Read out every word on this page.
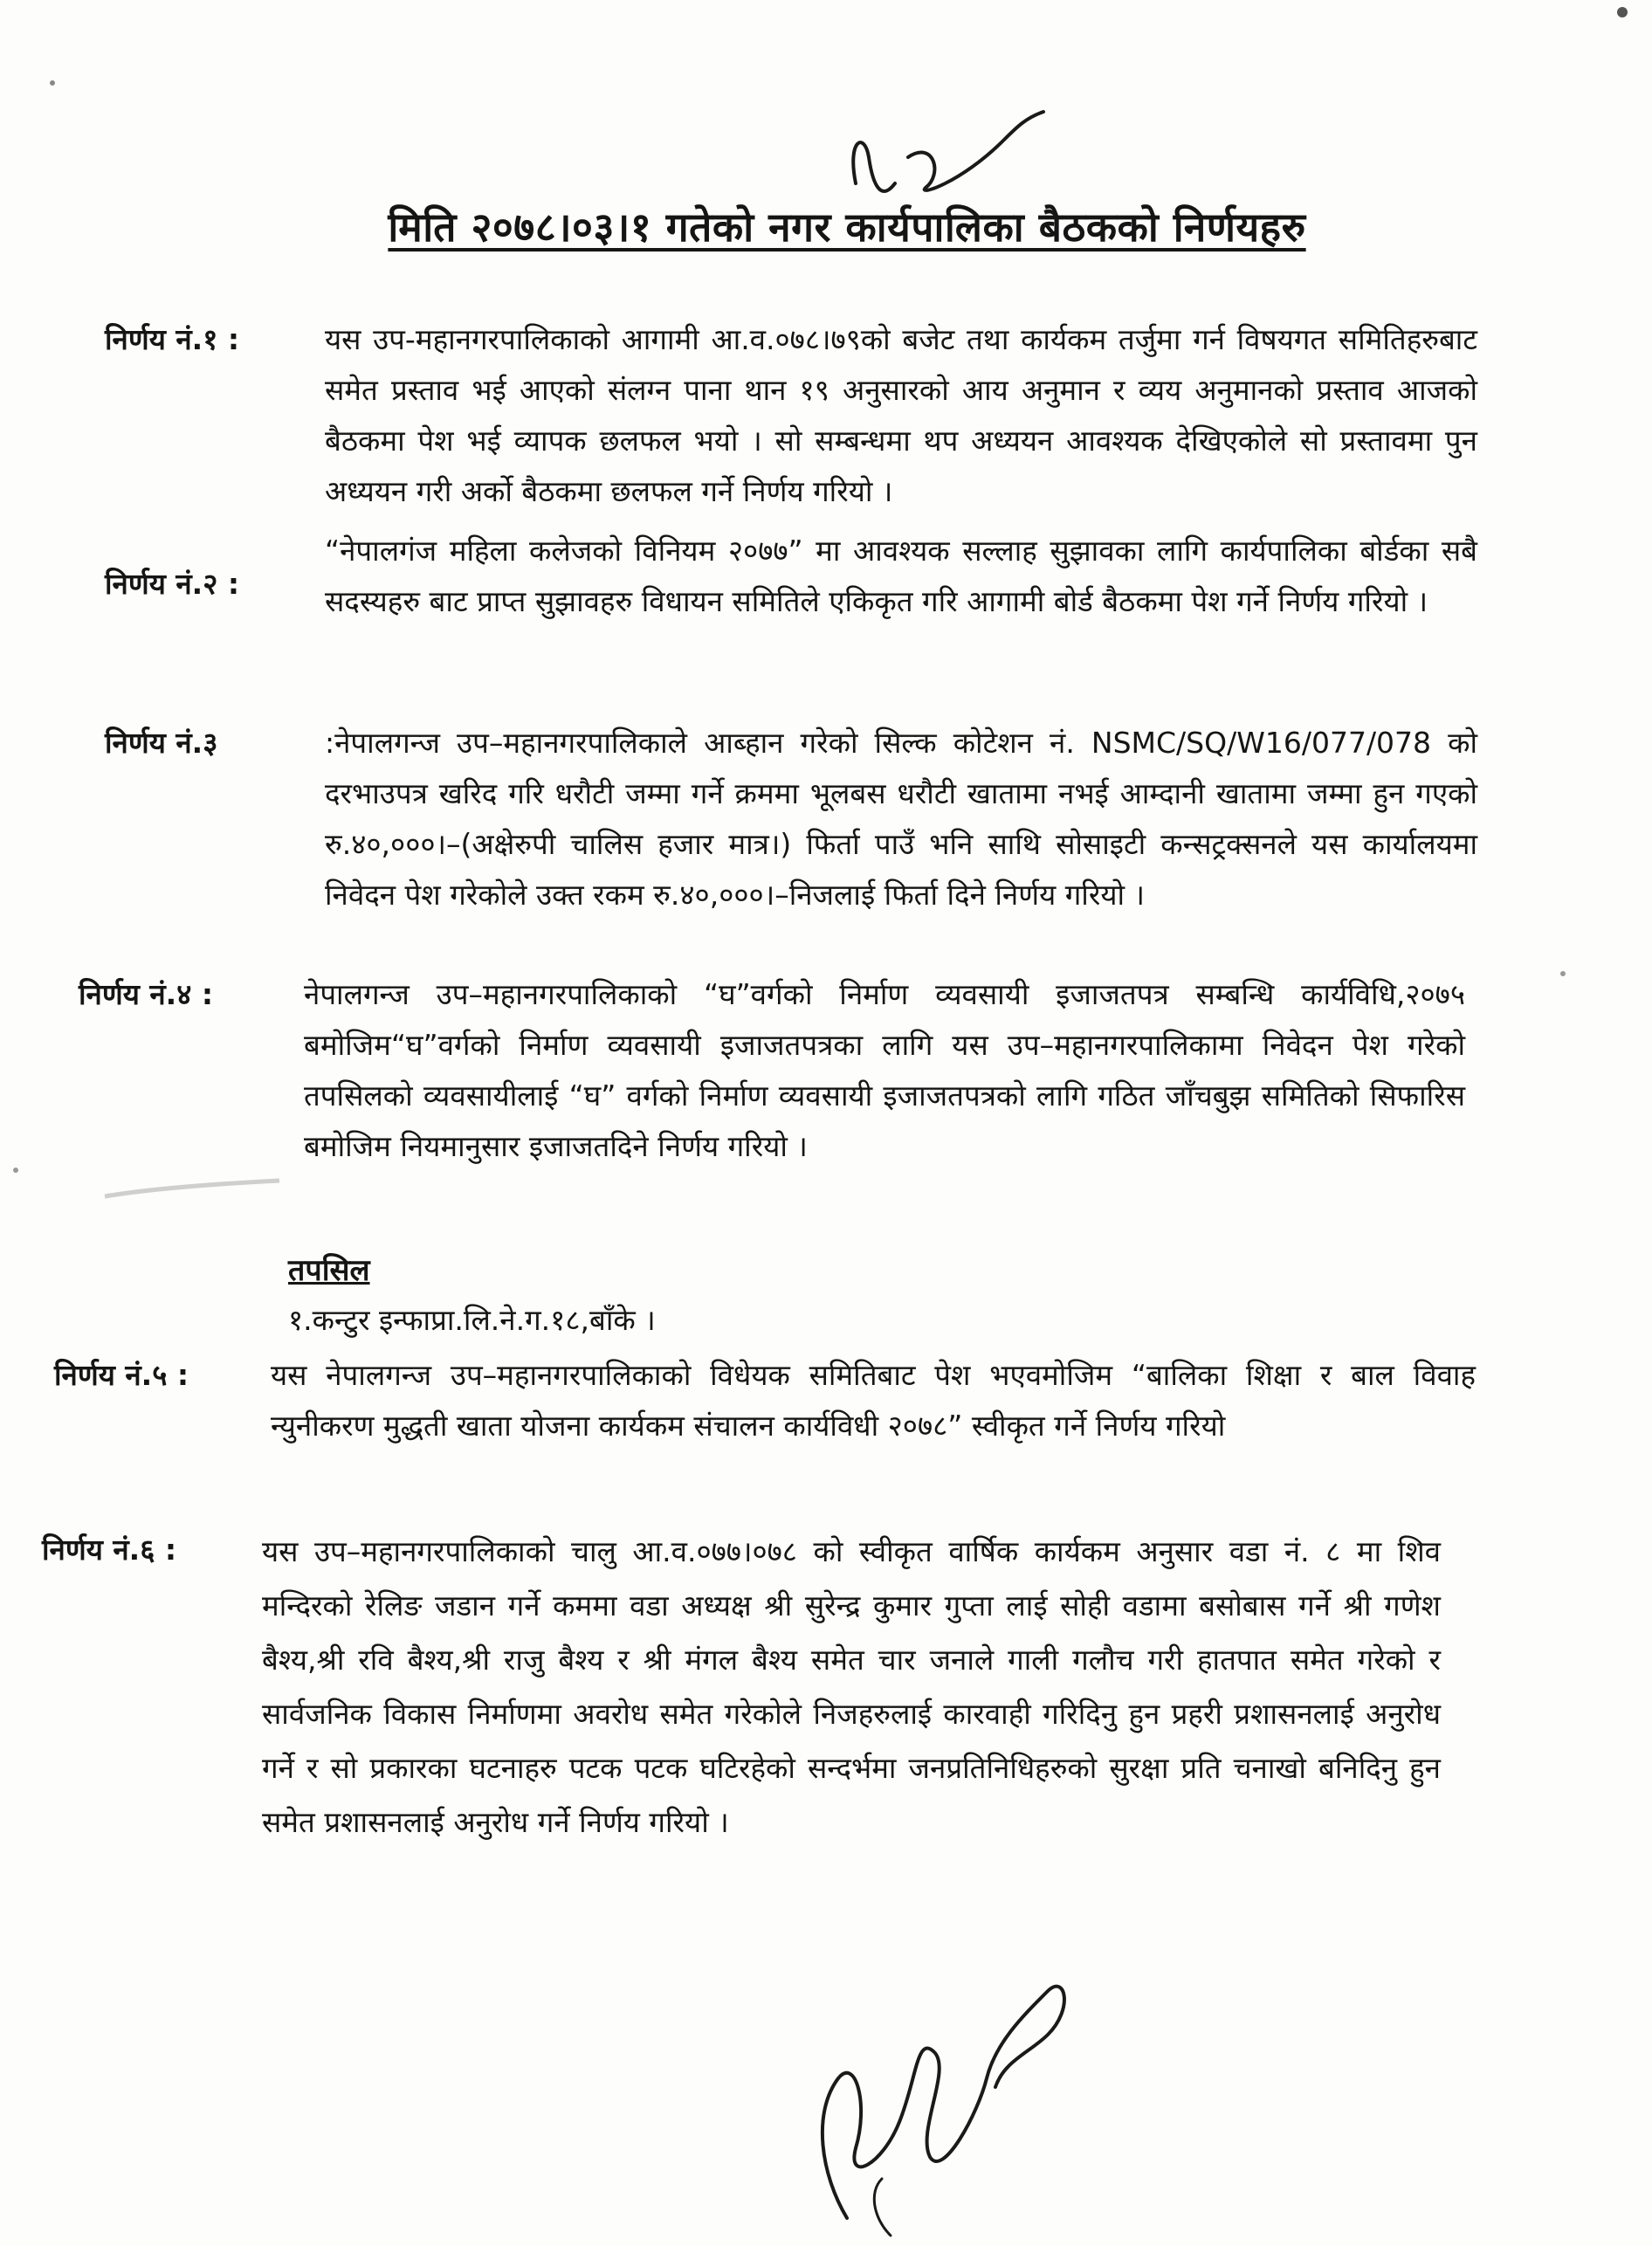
मिति २०७८।०३।१ गतेको नगर कार्यपालिका बैठकको निर्णयहरु
निर्णय नं.१ :	यस उप-महानगरपालिकाको आगामी आ.व.०७८।७९को बजेट तथा कार्यकम तर्जुमा गर्न विषयगत समितिहरुबाट समेत प्रस्ताव भई आएको संलग्न पाना थान १९ अनुसारको आय अनुमान र व्यय अनुमानको प्रस्ताव आजको बैठकमा पेश भई व्यापक छलफल भयो । सो सम्बन्धमा थप अध्ययन आवश्यक देखिएकोले सो प्रस्तावमा पुन अध्ययन गरी अर्को बैठकमा छलफल गर्ने निर्णय गरियो ।
निर्णय नं.२ :
“नेपालगंज महिला कलेजको विनियम २०७७” मा आवश्यक सल्लाह सुझावका लागि कार्यपालिका बोर्डका सबै सदस्यहरु बाट प्राप्त सुझावहरु विधायन समितिले एकिकृत गरि आगामी बोर्ड बैठकमा पेश गर्ने निर्णय गरियो ।
निर्णय नं.३	:नेपालगन्ज उप–महानगरपालिकाले आब्हान गरेको सिल्क कोटेशन नं. NSMC/SQ/W16/077/078 को दरभाउपत्र खरिद गरि धरौटी जम्मा गर्ने क्रममा भूलबस धरौटी खातामा नभई आम्दानी खातामा जम्मा हुन गएको रु.४०,०००।–(अक्षेरुपी चालिस हजार मात्र।) फिर्ता पाउँ भनि साथि सोसाइटी कन्सट्रक्सनले यस कार्यालयमा निवेदन पेश गरेकोले उक्त रकम रु.४०,०००।–निजलाई फिर्ता दिने निर्णय गरियो ।
निर्णय नं.४ :	नेपालगन्ज उप–महानगरपालिकाको “घ”वर्गको निर्माण व्यवसायी इजाजतपत्र सम्बन्धि कार्यविधि,२०७५ बमोजिम“घ”वर्गको निर्माण व्यवसायी इजाजतपत्रका लागि यस उप–महानगरपालिकामा निवेदन पेश गरेको तपसिलको व्यवसायीलाई “घ” वर्गको निर्माण व्यवसायी इजाजतपत्रको लागि गठित जाँचबुझ समितिको सिफारिस बमोजिम नियमानुसार इजाजतदिने निर्णय गरियो ।
तपसिल
१.कन्टुर इन्फाप्रा.लि.ने.ग.१८,बाँके ।
निर्णय नं.५ :	यस नेपालगन्ज उप–महानगरपालिकाको विधेयक समितिबाट पेश भएवमोजिम “बालिका शिक्षा र बाल विवाह न्युनीकरण मुद्धती खाता योजना कार्यकम संचालन कार्यविधी २०७८” स्वीकृत गर्ने निर्णय गरियो
निर्णय नं.६ :	यस उप–महानगरपालिकाको चालु आ.व.०७७।०७८ को स्वीकृत वार्षिक कार्यकम अनुसार वडा नं. ८ मा शिव मन्दिरको रेलिङ जडान गर्ने कममा वडा अध्यक्ष श्री सुरेन्द्र कुमार गुप्ता लाई सोही वडामा बसोबास गर्ने श्री गणेश बैश्य,श्री रवि बैश्य,श्री राजु बैश्य र श्री मंगल बैश्य समेत चार जनाले गाली गलौच गरी हातपात समेत गरेको र सार्वजनिक विकास निर्माणमा अवरोध समेत गरेकोले निजहरुलाई कारवाही गरिदिनु हुन प्रहरी प्रशासनलाई अनुरोध गर्ने र सो प्रकारका घटनाहरु पटक पटक घटिरहेको सन्दर्भमा जनप्रतिनिधिहरुको सुरक्षा प्रति चनाखो बनिदिनु हुन समेत प्रशासनलाई अनुरोध गर्ने निर्णय गरियो ।
